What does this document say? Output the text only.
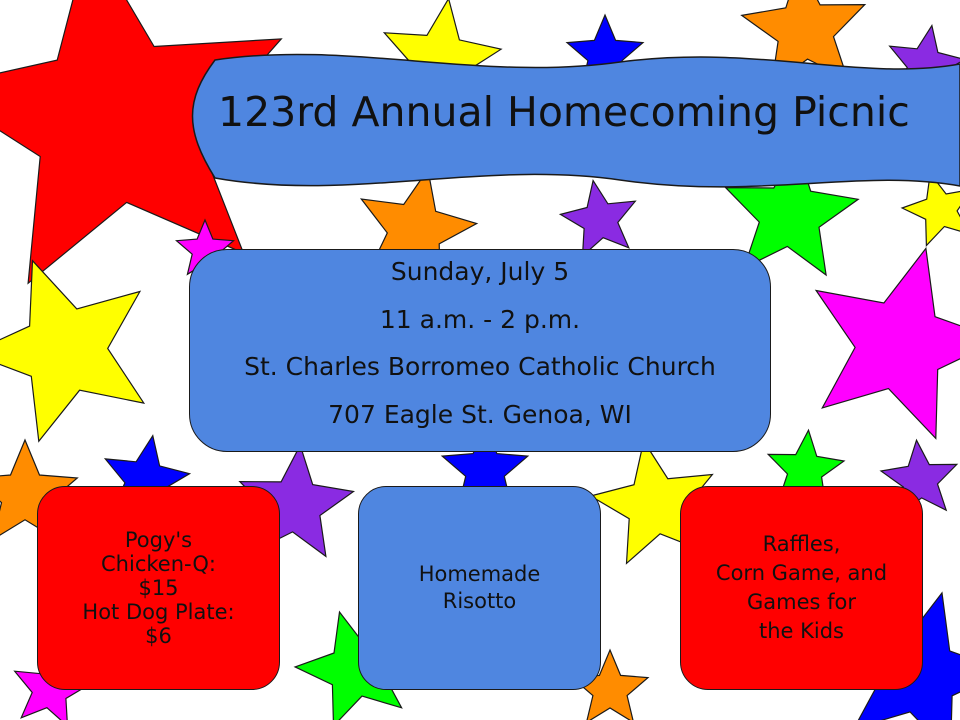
123rd Annual Homecoming Picnic
Sunday, July 5
11 a.m. - 2 p.m.
St. Charles Borromeo Catholic Church
707 Eagle St. Genoa, WI
Pogy's
Chicken-Q:
$15
Hot Dog Plate:
$6
Homemade
Risotto
Raffles,
Corn Game, and
Games for
the Kids
